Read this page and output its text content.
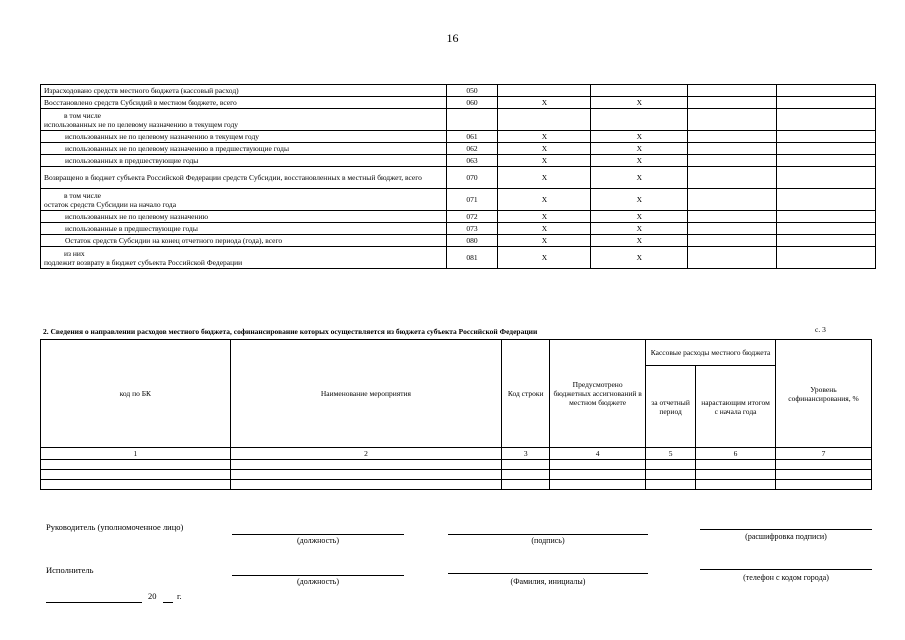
16
Израсходовано средств местного бюджета (кассовый расход)	050				

Восстановлено средств Субсидий в местном бюджете, всего	060	X	X		

в том числе
использованных не по целевому назначению в текущем году					

использованных не по целевому назначению в текущем году	061	X	X		

использованных не по целевому назначению в предшествующие годы	062	X	X		

использованных в предшествующие годы	063	X	X		

Возвращено в бюджет субъекта Российской Федерации средств Субсидии, восстановленных в местный бюджет, всего	070	X	X		

в том числе
остаток средств Субсидии на начало года	071	X	X		

использованных не по целевому назначению	072	X	X		

использованные в предшествующие годы	073	X	X		

Остаток средств Субсидии на конец отчетного периода (года), всего	080	X	X		

из них
подлежит возврату в бюджет субъекта Российской Федерации	081	X	X		
2. Сведения о направлении расходов местного бюджета, софинансирование которых осуществляется из бюджета субъекта Российской Федерации	с. 3
код по БК	Наименование мероприятия	Код строки	Предусмотрено бюджетных ассигнований в местном бюджете	Кассовые расходы местного бюджета		Уровень софинансирования, %
				за отчетный период	нарастающим итогом с начала года	
1	2	3	4	5	6	7

Руководитель (уполномоченное лицо)
(должность)	(подпись)	(расшифровка подписи)
Исполнитель
(должность)	(Фамилия, инициалы)	(телефон с кодом города)
20 г.
